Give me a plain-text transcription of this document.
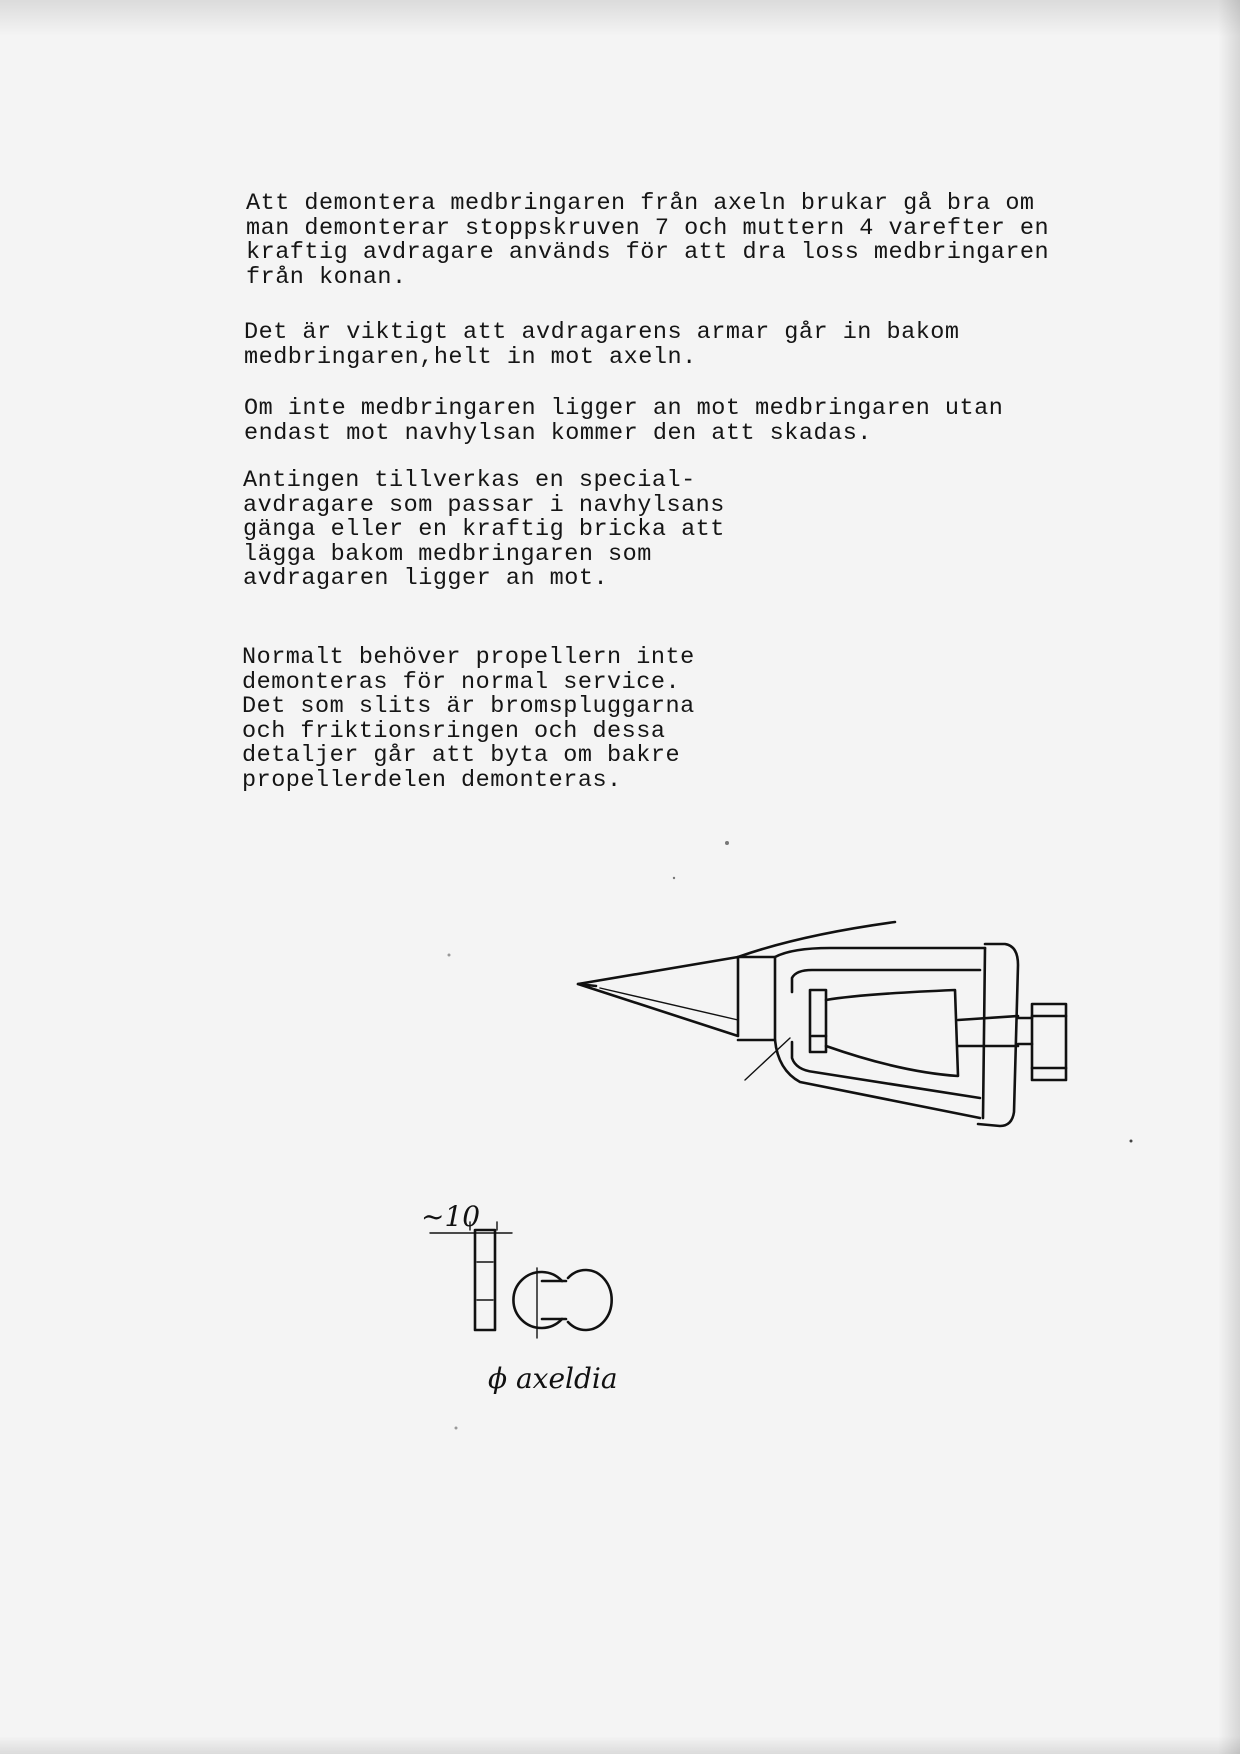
Att demontera medbringaren från axeln brukar gå bra om
man demonterar stoppskruven 7 och muttern 4 varefter en
kraftig avdragare används för att dra loss medbringaren
från konan.

Det är viktigt att avdragarens armar går in bakom
medbringaren,helt in mot axeln.

Om inte medbringaren ligger an mot medbringaren utan
endast mot navhylsan kommer den att skadas.

Antingen tillverkas en special-
avdragare som passar i navhylsans
gänga eller en kraftig bricka att
lägga bakom medbringaren som
avdragaren ligger an mot.

Normalt behöver propellern inte
demonteras för normal service.
Det som slits är bromspluggarna
och friktionsringen och dessa
detaljer går att byta om bakre
propellerdelen demonteras.

~10
ϕ axeldia
